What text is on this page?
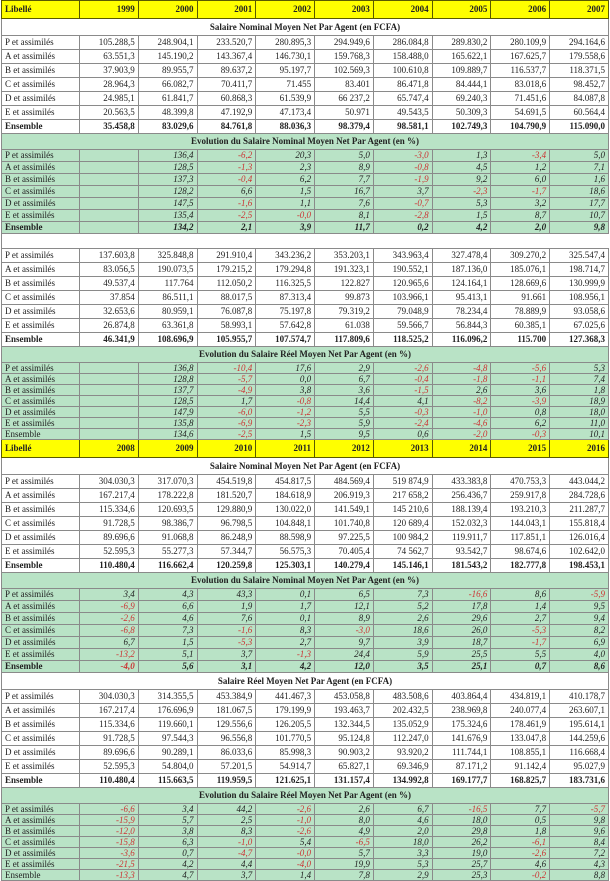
Libellé	1999	2000	2001	2002	2003	2004	2005	2006	2007
Salaire Nominal Moyen Net Par Agent (en FCFA)									
P et assimilés	105.288,5	248.904,1	233.520,7	280.895,3	294.949,6	286.084,8	289.830,2	280.109,9	294.164,6
A et assimilés	63.551,3	145.190,2	143.367,4	146.730,1	159.768,3	158.488,0	165.622,1	167.625,7	179.558,6
B et assimilés	37.903,9	89.955,7	89.637,2	95.197,7	102.569,3	100.610,8	109.889,7	116.537,7	118.371,5
C et assimilés	28.964,3	66.082,7	70.411,7	71.455	83.401	86.471,8	84.444,1	83.018,6	98.452,7
D et assimilés	24.985,1	61.841,7	60.868,3	61.539,9	66 237,2	65.747,4	69.240,3	71.451,6	84.087,8
E et assimilés	20.563,5	48.399,8	47.192,9	47.173,4	50.971	49.543,5	50.309,3	54.691,5	60.564,4
Ensemble	35.458,8	83.029,6	84.761,8	88.036,3	98.379,4	98.581,1	102.749,3	104.790,9	115.090,0
Evolution du Salaire Nominal Moyen Net Par Agent (en %)									
P et assimilés		136,4	-6,2	20,3	5,0	-3,0	1,3	-3,4	5,0
A et assimilés		128,5	-1,3	2,3	8,9	-0,8	4,5	1,2	7,1
B et assimilés		137,3	-0,4	6,2	7,7	-1,9	9,2	6,0	1,6
C et assimilés		128,2	6,6	1,5	16,7	3,7	-2,3	-1,7	18,6
D et assimilés		147,5	-1,6	1,1	7,6	-0,7	5,3	3,2	17,7
E et assimilés		135,4	-2,5	-0,0	8,1	-2,8	1,5	8,7	10,7
Ensemble		134,2	2,1	3,9	11,7	0,2	4,2	2,0	9,8

P et assimilés	137.603,8	325.848,8	291.910,4	343.236,2	353.203,1	343.963,4	327.478,4	309.270,2	325.547,4
A et assimilés	83.056,5	190.073,5	179.215,2	179.294,8	191.323,1	190.552,1	187.136,0	185.076,1	198.714,7
B et assimilés	49.537,4	117.764	112.050,2	116.325,5	122.827	120.965,6	124.164,1	128.669,6	130.999,9
C et assimilés	37.854	86.511,1	88.017,5	87.313,4	99.873	103.966,1	95.413,1	91.661	108.956,1
D et assimilés	32.653,6	80.959,1	76.087,8	75.197,8	79.319,2	79.048,9	78.234,4	78.889,9	93.058,6
E et assimilés	26.874,8	63.361,8	58.993,1	57.642,8	61.038	59.566,7	56.844,3	60.385,1	67.025,6
Ensemble	46.341,9	108.696,9	105.955,7	107.574,7	117.809,6	118.525,2	116.096,2	115.700	127.368,3
Evolution du Salaire Réel Moyen Net Par Agent (en %)									
P et assimilés		136,8	-10,4	17,6	2,9	-2,6	-4,8	-5,6	5,3
A et assimilés		128,8	-5,7	0,0	6,7	-0,4	-1,8	-1,1	7,4
B et assimilés		137,7	-4,9	3,8	3,6	-1,5	2,6	3,6	1,8
C et assimilés		128,5	1,7	-0,8	14,4	4,1	-8,2	-3,9	18,9
D et assimilés		147,9	-6,0	-1,2	5,5	-0,3	-1,0	0,8	18,0
E et assimilés		135,8	-6,9	-2,3	5,9	-2,4	-4,6	6,2	11,0
Ensemble		134,6	-2,5	1,5	9,5	0,6	-2,0	-0,3	10,1
Libellé	2008	2009	2010	2011	2012	2013	2014	2015	2016
Salaire Nominal Moyen Net Par Agent (en FCFA)									
P et assimilés	304.030,3	317.070,3	454.519,8	454.817,5	484.569,4	519 874,9	433.383,8	470.753,3	443.044,2
A et assimilés	167.217,4	178.222,8	181.520,7	184.618,9	206.919,3	217 658,2	256.436,7	259.917,8	284.728,6
B et assimilés	115.334,6	120.693,5	129.880,9	130.022,0	141.549,1	145 210,6	188.139,4	193.210,3	211.287,7
C et assimilés	91.728,5	98.386,7	96.798,5	104.848,1	101.740,8	120 689,4	152.032,3	144.043,1	155.818,4
D et assimilés	89.696,6	91.068,8	86.248,9	88.598,9	97.225,5	100 984,2	119.911,7	117.851,1	126.016,4
E et assimilés	52.595,3	55.277,3	57.344,7	56.575,3	70.405,4	74 562,7	93.542,7	98.674,6	102.642,0
Ensemble	110.480,4	116.662,4	120.259,8	125.303,1	140.279,4	145.146,1	181.543,2	182.777,8	198.453,1
Evolution du Salaire Nominal Moyen Net Par Agent (en %)									
P et assimilés	3,4	4,3	43,3	0,1	6,5	7,3	-16,6	8,6	-5,9
A et assimilés	-6,9	6,6	1,9	1,7	12,1	5,2	17,8	1,4	9,5
B et assimilés	-2,6	4,6	7,6	0,1	8,9	2,6	29,6	2,7	9,4
C et assimilés	-6,8	7,3	-1,6	8,3	-3,0	18,6	26,0	-5,3	8,2
D et assimilés	6,7	1,5	-5,3	2,7	9,7	3,9	18,7	-1,7	6,9
E et assimilés	-13,2	5,1	3,7	-1,3	24,4	5,9	25,5	5,5	4,0
Ensemble	-4,0	5,6	3,1	4,2	12,0	3,5	25,1	0,7	8,6
Salaire Réel Moyen Net Par Agent (en FCFA)									
P et assimilés	304.030,3	314.355,5	453.384,9	441.467,3	453.058,8	483.508,6	403.864,4	434.819,1	410.178,7
A et assimilés	167.217,4	176.696,9	181.067,5	179.199,9	193.463,7	202.432,5	238.969,8	240.077,4	263.607,1
B et assimilés	115.334,6	119.660,1	129.556,6	126.205,5	132.344,5	135.052,9	175.324,6	178.461,9	195.614,1
C et assimilés	91.728,5	97.544,3	96.556,8	101.770,5	95.124,8	112.247,0	141.676,9	133.047,8	144.259,6
D et assimilés	89.696,6	90.289,1	86.033,6	85.998,3	90.903,2	93.920,2	111.744,1	108.855,1	116.668,4
E et assimilés	52.595,3	54.804,0	57.201,5	54.914,7	65.827,1	69.346,9	87.171,2	91.142,4	95.027,9
Ensemble	110.480,4	115.663,5	119.959,5	121.625,1	131.157,4	134.992,8	169.177,7	168.825,7	183.731,6
Evolution du Salaire Réel Moyen Net Par Agent (en %)									
P et assimilés	-6,6	3,4	44,2	-2,6	2,6	6,7	-16,5	7,7	-5,7
A et assimilés	-15,9	5,7	2,5	-1,0	8,0	4,6	18,0	0,5	9,8
B et assimilés	-12,0	3,8	8,3	-2,6	4,9	2,0	29,8	1,8	9,6
C et assimilés	-15,8	6,3	-1,0	5,4	-6,5	18,0	26,2	-6,1	8,4
D et assimilés	-3,6	0,7	-4,7	-0,0	5,7	3,3	19,0	-2,6	7,2
E et assimilés	-21,5	4,2	4,4	-4,0	19,9	5,3	25,7	4,6	4,3
Ensemble	-13,3	4,7	3,7	1,4	7,8	2,9	25,3	-0,2	8,8
